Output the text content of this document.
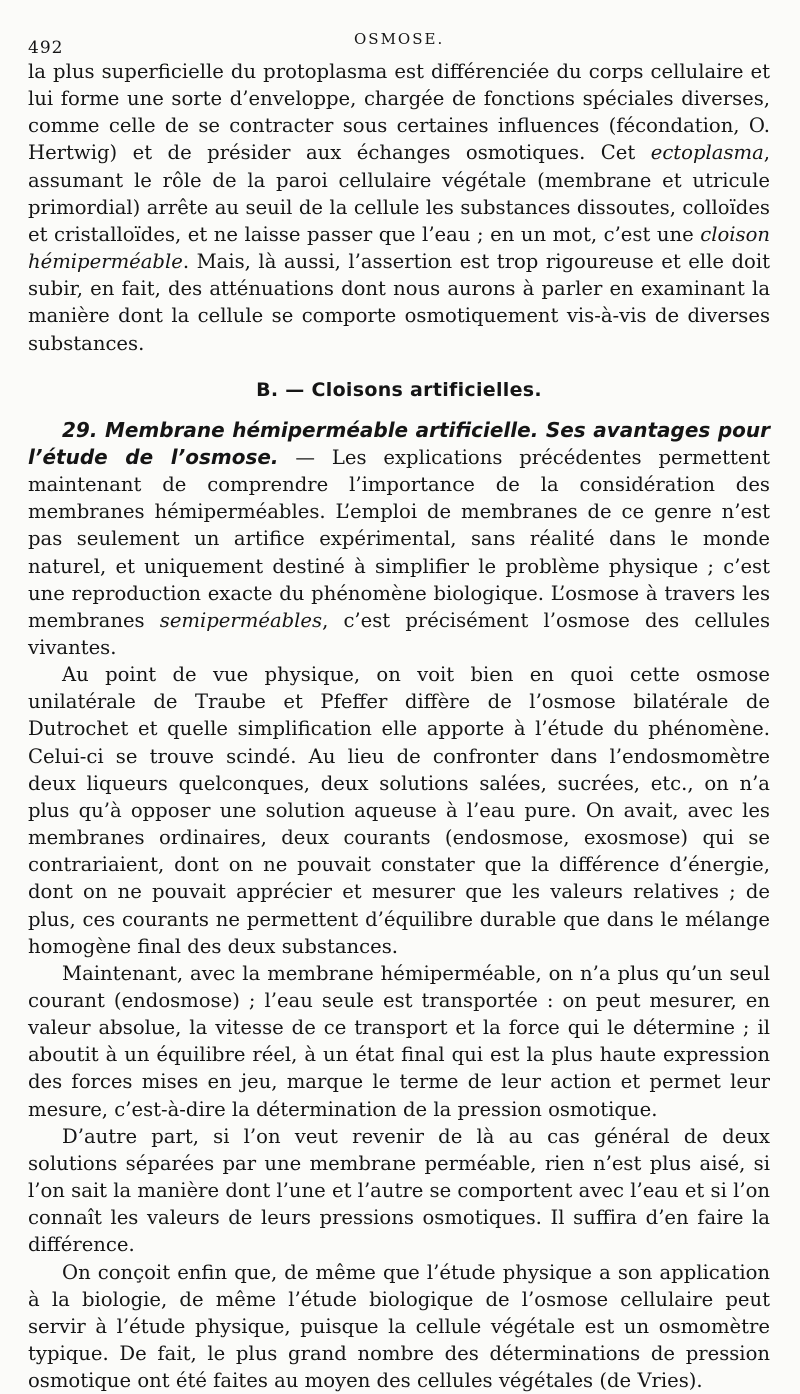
492	OSMOSE.

la plus superficielle du protoplasma est différenciée du corps cellulaire et lui forme une sorte d’enveloppe, chargée de fonctions spéciales diverses, comme celle de se contracter sous certaines influences (fécondation, O. Hertwig) et de présider aux échanges osmotiques. Cet ectoplasma, assumant le rôle de la paroi cellulaire végétale (membrane et utricule primordial) arrête au seuil de la cellule les substances dissoutes, colloïdes et cristalloïdes, et ne laisse passer que l’eau ; en un mot, c’est une cloison hémiperméable. Mais, là aussi, l’assertion est trop rigoureuse et elle doit subir, en fait, des atténuations dont nous aurons à parler en examinant la manière dont la cellule se comporte osmotiquement vis-à-vis de diverses substances.

B. — Cloisons artificielles.

29. Membrane hémiperméable artificielle. Ses avantages pour l’étude de l’osmose. — Les explications précédentes permettent maintenant de comprendre l’importance de la considération des membranes hémiperméables. L’emploi de membranes de ce genre n’est pas seulement un artifice expérimental, sans réalité dans le monde naturel, et uniquement destiné à simplifier le problème physique ; c’est une reproduction exacte du phénomène biologique. L’osmose à travers les membranes semiperméables, c’est précisément l’osmose des cellules vivantes.

Au point de vue physique, on voit bien en quoi cette osmose unilatérale de Traube et Pfeffer diffère de l’osmose bilatérale de Dutrochet et quelle simplification elle apporte à l’étude du phénomène. Celui-ci se trouve scindé. Au lieu de confronter dans l’endosmomètre deux liqueurs quelconques, deux solutions salées, sucrées, etc., on n’a plus qu’à opposer une solution aqueuse à l’eau pure. On avait, avec les membranes ordinaires, deux courants (endosmose, exosmose) qui se contrariaient, dont on ne pouvait constater que la différence d’énergie, dont on ne pouvait apprécier et mesurer que les valeurs relatives ; de plus, ces courants ne permettent d’équilibre durable que dans le mélange homogène final des deux substances.

Maintenant, avec la membrane hémiperméable, on n’a plus qu’un seul courant (endosmose) ; l’eau seule est transportée : on peut mesurer, en valeur absolue, la vitesse de ce transport et la force qui le détermine ; il aboutit à un équilibre réel, à un état final qui est la plus haute expression des forces mises en jeu, marque le terme de leur action et permet leur mesure, c’est-à-dire la détermination de la pression osmotique.

D’autre part, si l’on veut revenir de là au cas général de deux solutions séparées par une membrane perméable, rien n’est plus aisé, si l’on sait la manière dont l’une et l’autre se comportent avec l’eau et si l’on connaît les valeurs de leurs pressions osmotiques. Il suffira d’en faire la différence.

On conçoit enfin que, de même que l’étude physique a son application à la biologie, de même l’étude biologique de l’osmose cellulaire peut servir à l’étude physique, puisque la cellule végétale est un osmomètre typique. De fait, le plus grand nombre des déterminations de pression osmotique ont été faites au moyen des cellules végétales (de Vries).
